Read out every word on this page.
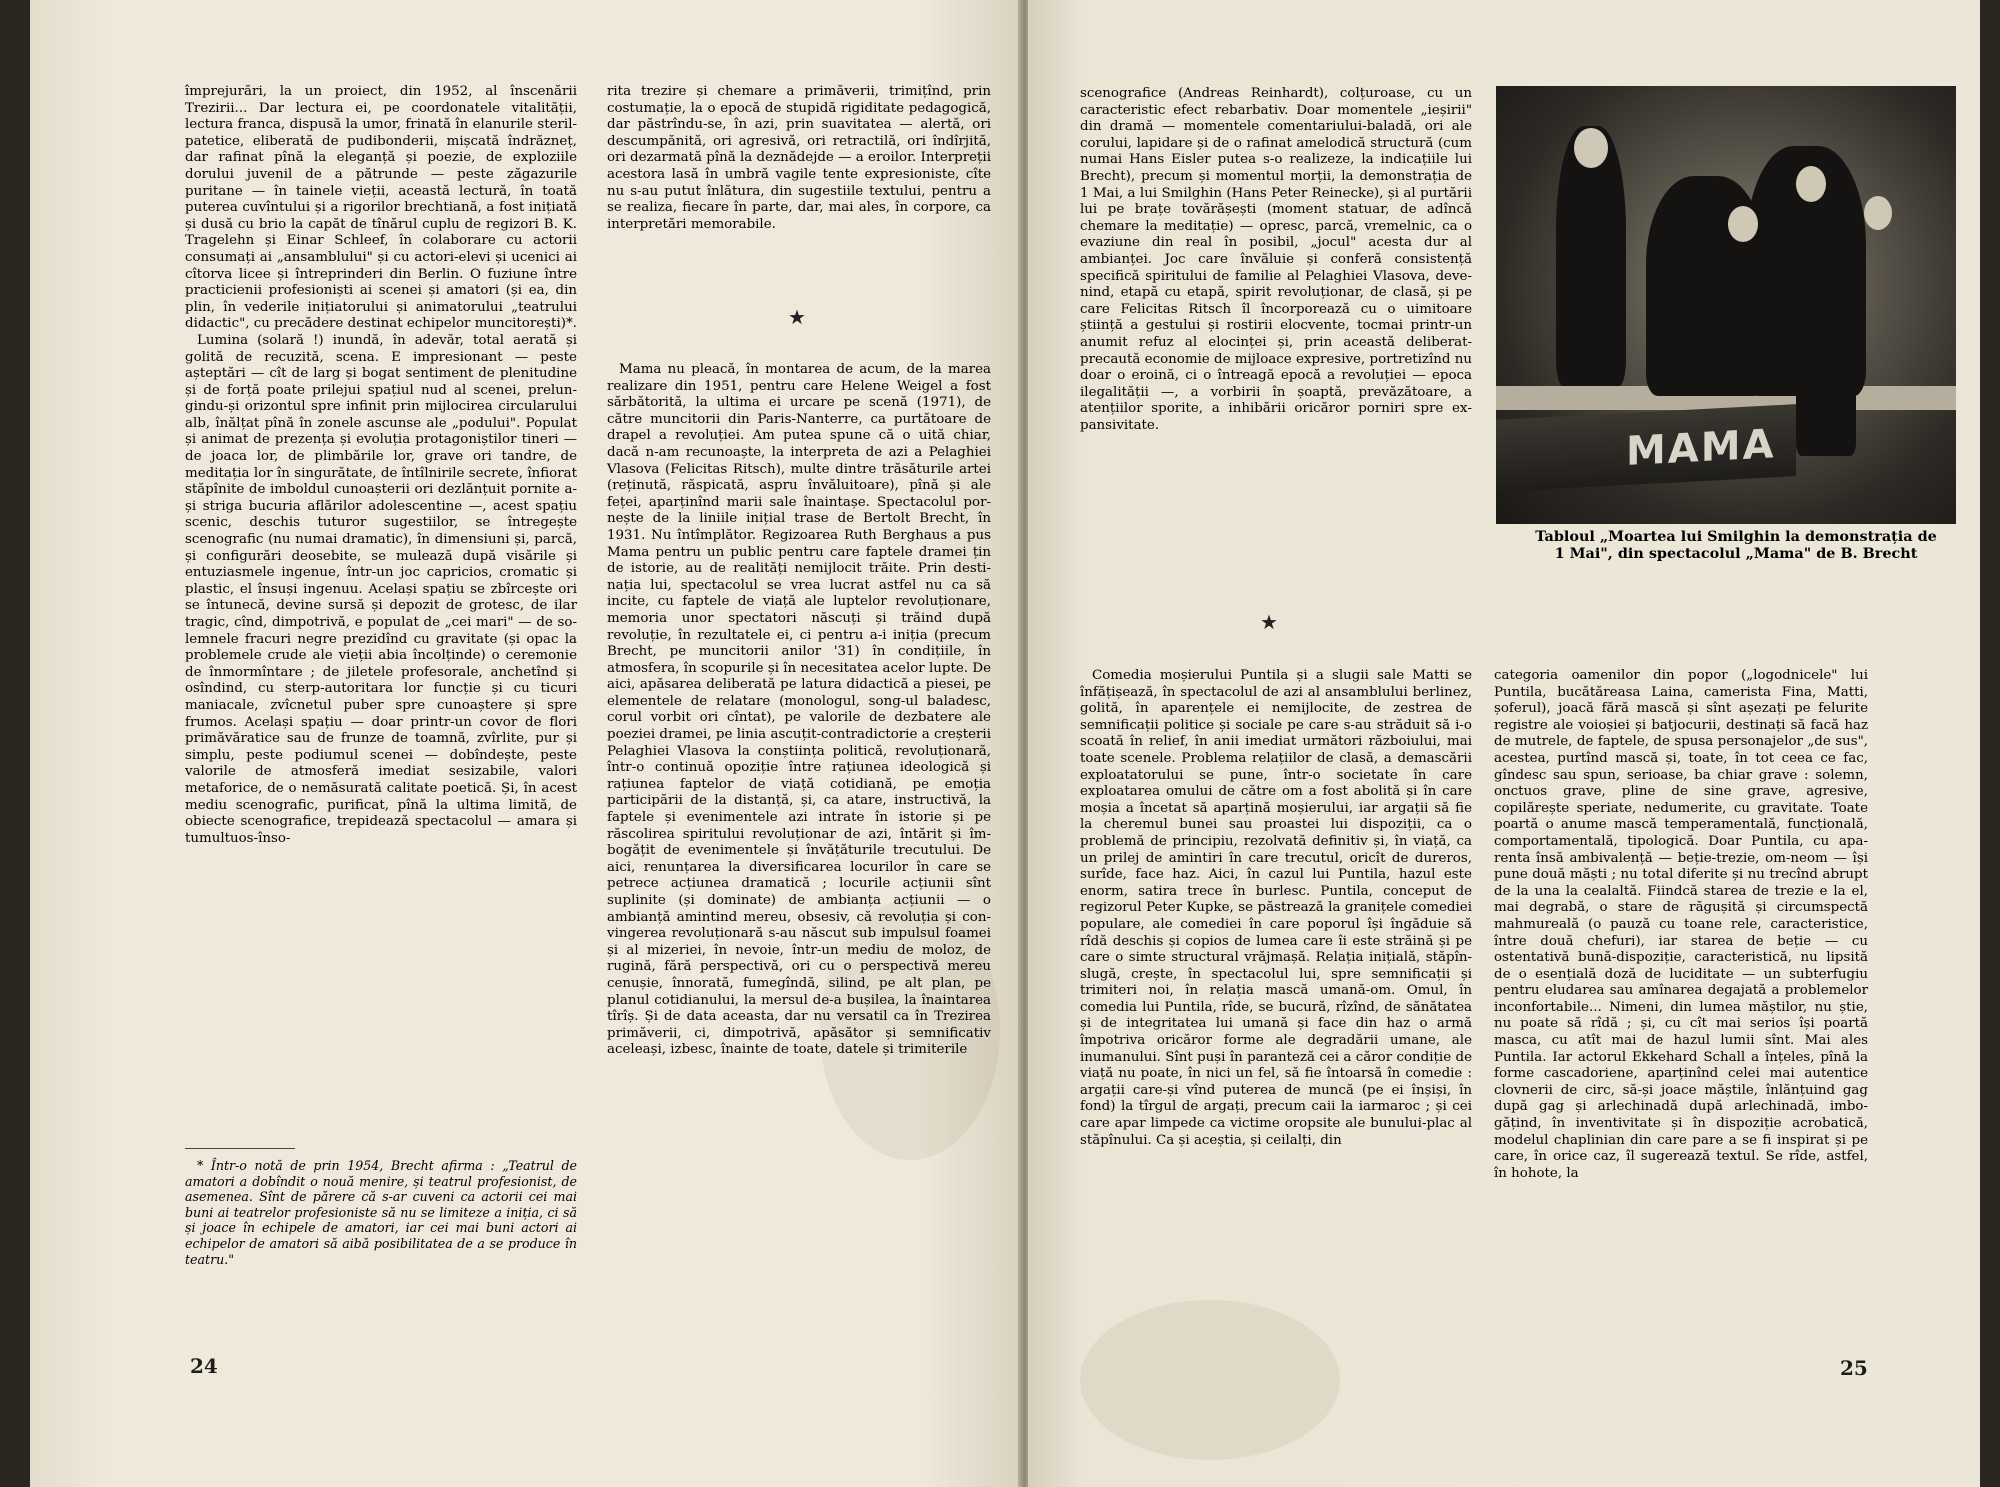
împrejurări, la un proiect, din 1952, al înscenării Trezirii... Dar lectura ei, pe coordonatele vitalității, lectura franca, dispusă la umor, frinată în elanurile steril-patetice, eliberată de pudibonderii, mișcată îndrăzneț, dar rafinat pînă la eleganță și poezie, de exploziile dorului juvenil de a pătrunde — peste zăgazurile puritane — în tainele vieții, această lectură, în toată puterea cuvîntului și a rigorilor brechtiană, a fost inițiată și dusă cu brio la capăt de tînărul cuplu de regizori B. K. Tragelehn și Einar Schleef, în colaborare cu actorii consumați ai „ansamblului" și cu actori-elevi și ucenici ai cîtorva licee și întreprinderi din Berlin. O fuziune între practicienii profesioniști ai scenei și amatori (și ea, din plin, în vederile inițiatorului și animatorului „teatrului didactic", cu precădere destinat echipelor muncitorești)*.

Lumina (solară !) inundă, în adevăr, total aerată și golită de recuzită, scena. E impresionant — peste așteptări — cît de larg și bogat sentiment de plenitudine și de forță poate prilejui spațiul nud al scenei, prelungindu-și orizontul spre infinit prin mijlocirea circularului alb, înălțat pînă în zonele ascunse ale „podului". Populat și animat de prezența și evoluția protagoniștilor tineri — de joaca lor, de plimbările lor, grave ori tandre, de meditația lor în singurătate, de întîlnirile secrete, înfiorat stăpînite de imboldul cunoașterii ori dezlănțuit pornite a-și striga bucuria aflărilor adolescentine —, acest spațiu scenic, deschis tuturor sugestiilor, se întregește scenografic (nu numai dramatic), în dimensiuni și, parcă, și configurări deosebite, se mulează după visările și entuziasmele ingenue, într-un joc capricios, cromatic și plastic, el însuși ingenuu. Același spațiu se zbîrcește ori se întunecă, devine sursă și depozit de grotesc, de ilar tragic, cînd, dimpotrivă, e populat de „cei mari" — de solemnele fracuri negre prezidînd cu gravitate (și opac la problemele crude ale vieții abia încolținde) o ceremonie de înmormîntare ; de jiletele profesorale, anchetînd și osîndind, cu sterp-autoritara lor funcție și cu ticuri maniacale, zvîcnetul puber spre cunoaștere și spre frumos. Același spațiu — doar printr-un covor de flori primăvăratice sau de frunze de toamnă, zvîrlite, pur și simplu, peste podiumul scenei — dobîndește, peste valorile de atmosferă imediat sesizabile, valori metaforice, de o nemăsurată calitate poetică. Și, în acest mediu scenografic, purificat, pînă la ultima limită, de obiecte scenografice, trepidează spectacolul — amara și tumultuos-înso-

* Într-o notă de prin 1954, Brecht afirma : „Teatrul de amatori a dobîndit o nouă menire, și teatrul profesionist, de asemenea. Sînt de părere că s-ar cuveni ca actorii cei mai buni ai teatrelor profesioniste să nu se limiteze a iniția, ci să și joace în echipele de amatori, iar cei mai buni actori ai echipelor de amatori să aibă posibilitatea de a se produce în teatru."

24

rita trezire și chemare a primăverii, trimițînd, prin costumație, la o epocă de stupidă rigiditate pedagogică, dar păstrîndu-se, în azi, prin suavitatea — alertă, ori descumpănită, ori agresivă, ori retractilă, ori îndîrjită, ori dezarmată pînă la deznădejde — a eroilor. Interpreții acestora lasă în umbră vagile tente expresioniste, cîte nu s-au putut înlătura, din sugestiile textului, pentru a se realiza, fiecare în parte, dar, mai ales, în corpore, ca interpretări memorabile.

★

Mama nu pleacă, în montarea de acum, de la marea realizare din 1951, pentru care Helene Weigel a fost sărbătorită, la ultima ei urcare pe scenă (1971), de către muncitorii din Paris-Nanterre, ca purtătoare de drapel a revoluției. Am putea spune că o uită chiar, dacă n-am recunoaște, la interpreta de azi a Pelaghiei Vlasova (Felicitas Ritsch), multe dintre trăsăturile artei (reținută, răspicată, aspru învăluitoare), pînă și ale feței, aparținînd marii sale înaintașe. Spectacolul pornește de la liniile inițial trase de Bertolt Brecht, în 1931. Nu întîmplător. Regizoarea Ruth Berghaus a pus Mama pentru un public pentru care faptele dramei țin de istorie, au de realități nemijlocit trăite. Prin destinația lui, spectacolul se vrea lucrat astfel nu ca să incite, cu faptele de viață ale luptelor revoluționare, memoria unor spectatori născuți și trăind după revoluție, în rezultatele ei, ci pentru a-i iniția (precum Brecht, pe muncitorii anilor '31) în condițiile, în atmosfera, în scopurile și în necesitatea acelor lupte. De aici, apăsarea deliberată pe latura didactică a piesei, pe elementele de relatare (monologul, song-ul baladesc, corul vorbit ori cîntat), pe valorile de dezbatere ale poeziei dramei, pe linia ascuțit-contradictorie a creșterii Pelaghiei Vlasova la conștiința politică, revoluționară, într-o continuă opoziție între rațiunea ideologică și rațiunea faptelor de viață cotidiană, pe emoția participării de la distanță, și, ca atare, instructivă, la faptele și evenimentele azi intrate în istorie și pe răscolirea spiritului revoluționar de azi, întărit și îmbogățit de evenimentele și învățăturile trecutului. De aici, renunțarea la diversificarea locurilor în care se petrece acțiunea dramatică ; locurile acțiunii sînt suplinite (și dominate) de ambianța acțiunii — o ambianță amintind mereu, obsesiv, că revoluția și convingerea revoluționară s-au născut sub impulsul foamei și al mizeriei, în nevoie, într-un mediu de moloz, de rugină, fără perspectivă, ori cu o perspectivă mereu cenușie, înnorată, fumegîndă, silind, pe alt plan, pe planul cotidianului, la mersul de-a bușilea, la înaintarea tîrîș. Și de data aceasta, dar nu versatil ca în Trezirea primăverii, ci, dimpotrivă, apăsător și semnificativ aceleași, izbesc, înainte de toate, datele și trimiterile

scenografice (Andreas Reinhardt), colțuroase, cu un caracteristic efect rebarbativ. Doar momentele „ieșirii" din dramă — momentele comentariului-baladă, ori ale corului, lapidare și de o rafinat amelodică structură (cum numai Hans Eisler putea s-o realizeze, la indicațiile lui Brecht), precum și momentul morții, la demonstrația de 1 Mai, a lui Smilghin (Hans Peter Reinecke), și al purtării lui pe brațe tovărășești (moment statuar, de adîncă chemare la meditație) — opresc, parcă, vremelnic, ca o evaziune din real în posibil, „jocul" acesta dur al ambianței. Joc care învăluie și conferă consistență specifică spiritului de familie al Pelaghiei Vlasova, devenind, etapă cu etapă, spirit revoluționar, de clasă, și pe care Felicitas Ritsch îl încorporează cu o uimitoare știință a gestului și rostirii elocvente, tocmai printr-un anumit refuz al elocinței și, prin această deliberatprecaută economie de mijloace expresive, portretizînd nu doar o eroină, ci o întreagă epocă a revoluției — epoca ilegalității —, a vorbirii în șoaptă, prevăzătoare, a atențiilor sporite, a inhibării oricăror porniri spre expansivitate.

★

Comedia moșierului Puntila și a slugii sale Matti se înfățișează, în spectacolul de azi al ansamblului berlinez, golită, în aparențele ei nemijlocite, de zestrea de semnificații politice și sociale pe care s-au străduit să i-o scoată în relief, în anii imediat următori războiului, mai toate scenele. Problema relațiilor de clasă, a demascării exploatatorului se pune, într-o societate în care exploatarea omului de către om a fost abolită și în care moșia a încetat să aparțină moșierului, iar argații să fie la cheremul bunei sau proastei lui dispoziții, ca o problemă de principiu, rezolvată definitiv și, în viață, ca un prilej de amintiri în care trecutul, oricît de dureros, surîde, face haz. Aici, în cazul lui Puntila, hazul este enorm, satira trece în burlesc. Puntila, conceput de regizorul Peter Kupke, se păstrează la granițele comediei populare, ale comediei în care poporul își îngăduie să rîdă deschis și copios de lumea care îi este străină și pe care o simte structural vrăjmașă. Relația inițială, stăpîn-slugă, crește, în spectacolul lui, spre semnificații și trimiteri noi, în relația mască umană-om. Omul, în comedia lui Puntila, rîde, se bucură, rîzînd, de sănătatea și de integritatea lui umană și face din haz o armă împotriva oricăror forme ale degradării umane, ale inumanului. Sînt puși în paranteză cei a căror condiție de viață nu poate, în nici un fel, să fie întoarsă în comedie : argații care-și vînd puterea de muncă (pe ei înșiși, în fond) la tîrgul de argați, precum caii la iarmaroc ; și cei care apar limpede ca victime oropsite ale bunului-plac al stăpînului. Ca și aceștia, și ceilalți, din

MAMA
Tabloul „Moartea lui Smilghin la demonstrația de 1 Mai", din spectacolul „Mama" de B. Brecht

categoria oamenilor din popor („logodnicele" lui Puntila, bucătăreasa Laina, camerista Fina, Matti, șoferul), joacă fără mască și sînt așezați pe felurite registre ale voioșiei și batjocurii, destinați să facă haz de mutrele, de faptele, de spusa personajelor „de sus", acestea, purtînd mască și, toate, în tot ceea ce fac, gîndesc sau spun, serioase, ba chiar grave : solemn, onctuos grave, pline de sine grave, agresive, copilărește speriate, nedumerite, cu gravitate. Toate poartă o anume mască temperamentală, funcțională, comportamentală, tipologică. Doar Puntila, cu aparenta însă ambivalență — beție-trezie, om-neom — își pune două măști ; nu total diferite și nu trecînd abrupt de la una la cealaltă. Fiindcă starea de trezie e la el, mai degrabă, o stare de răgușită și circumspectă mahmureală (o pauză cu toane rele, caracteristice, între două chefuri), iar starea de beție — cu ostentativă bună-dispoziție, caracteristică, nu lipsită de o esențială doză de luciditate — un subterfugiu pentru eludarea sau amînarea degajată a problemelor inconfortabile... Nimeni, din lumea măștilor, nu știe, nu poate să rîdă ; și, cu cît mai serios își poartă masca, cu atît mai de hazul lumii sînt. Mai ales Puntila. Iar actorul Ekkehard Schall a înțeles, pînă la forme cascadoriene, aparținînd celei mai autentice clovnerii de circ, să-și joace măștile, înlănțuind gag după gag și arlechinadă după arlechinadă, imbogățind, în inventivitate și în dispoziție acrobatică, modelul chaplinian din care pare a se fi inspirat și pe care, în orice caz, îl sugerează textul. Se rîde, astfel, în hohote, la

25
